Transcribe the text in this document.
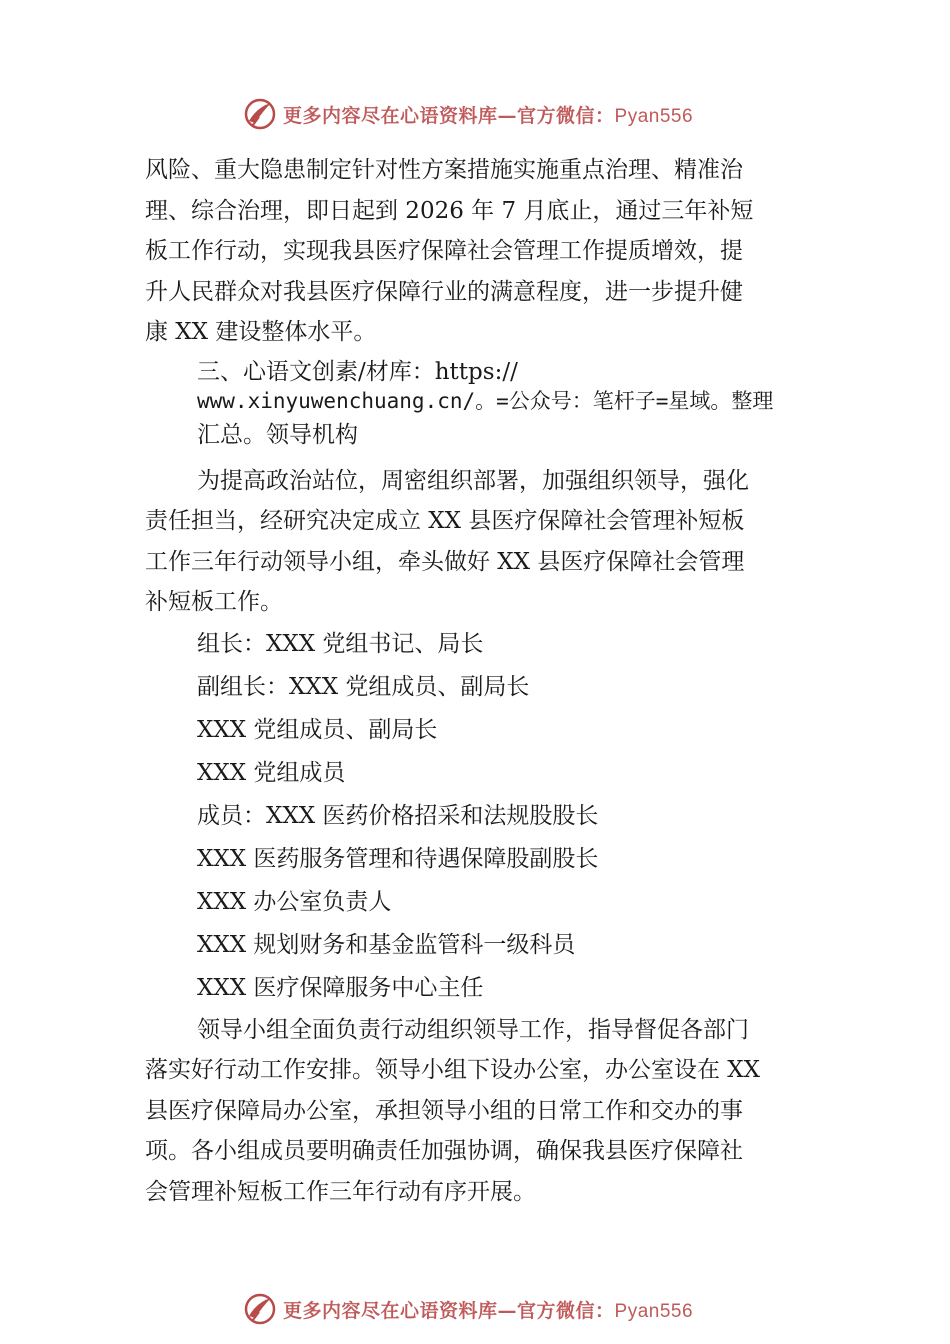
更多内容尽在心语资料库—官方微信：Pyan556
风险、重大隐患制定针对性方案措施实施重点治理、精准治
理、综合治理，即日起到 2026 年 7 月底止，通过三年补短
板工作行动，实现我县医疗保障社会管理工作提质增效，提
升人民群众对我县医疗保障行业的满意程度，进一步提升健
康 XX 建设整体水平。
三、心语文创素/材库：https://
www.xinyuwenchuang.cn/。=公众号：笔杆子=星域。整理
汇总。领导机构
为提高政治站位，周密组织部署，加强组织领导，强化
责任担当，经研究决定成立 XX 县医疗保障社会管理补短板
工作三年行动领导小组，牵头做好 XX 县医疗保障社会管理
补短板工作。
组长：XXX 党组书记、局长
副组长：XXX 党组成员、副局长
XXX 党组成员、副局长
XXX 党组成员
成员：XXX 医药价格招采和法规股股长
XXX 医药服务管理和待遇保障股副股长
XXX 办公室负责人
XXX 规划财务和基金监管科一级科员
XXX 医疗保障服务中心主任
领导小组全面负责行动组织领导工作，指导督促各部门
落实好行动工作安排。领导小组下设办公室，办公室设在 XX
县医疗保障局办公室，承担领导小组的日常工作和交办的事
项。各小组成员要明确责任加强协调，确保我县医疗保障社
会管理补短板工作三年行动有序开展。
更多内容尽在心语资料库—官方微信：Pyan556
